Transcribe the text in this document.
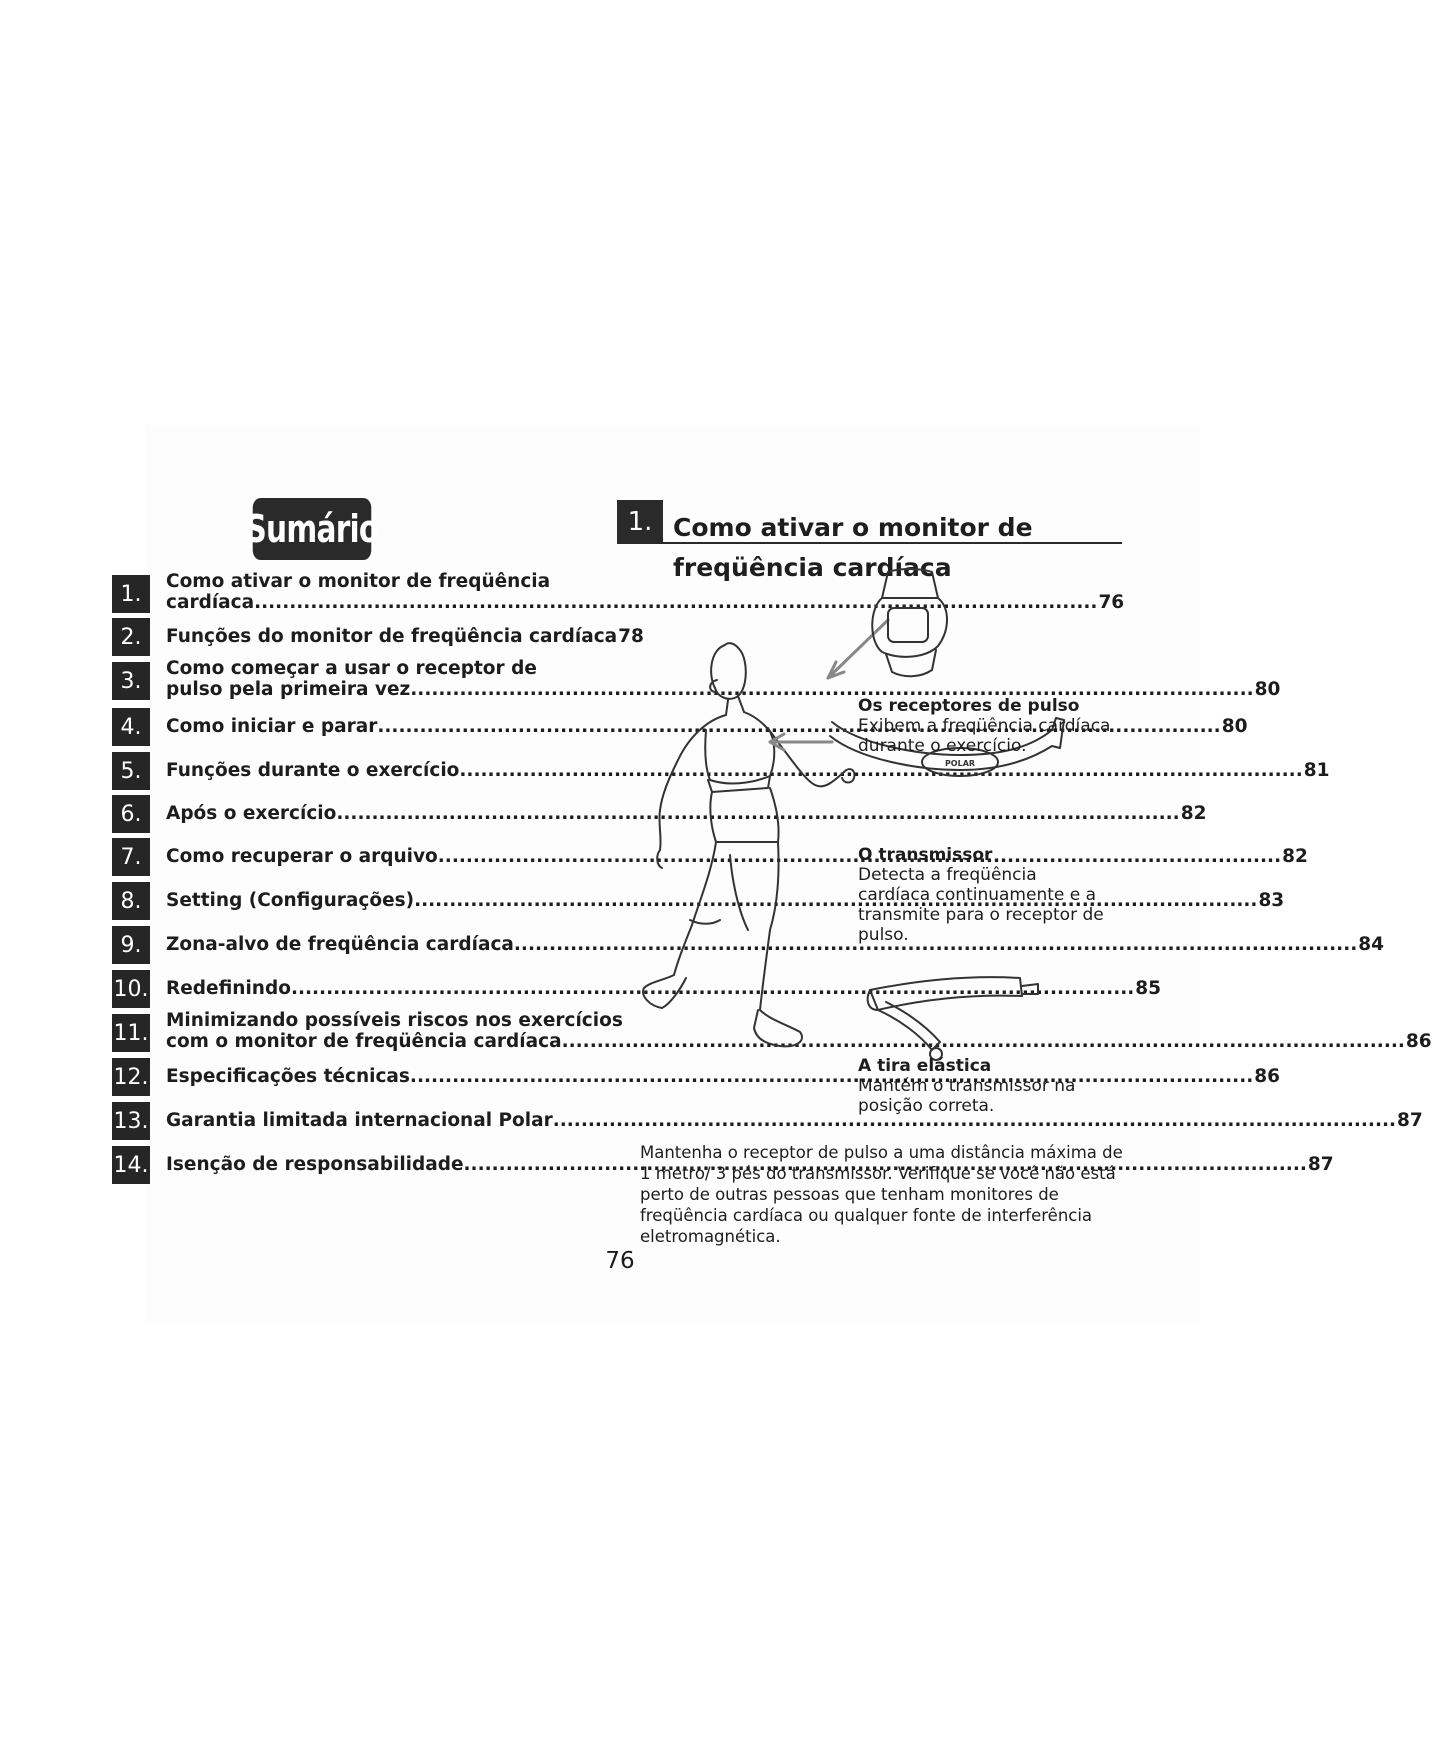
Sumário
1.	Como ativar o monitor de freqüência
cardíaca .....	76
2.	Funções do monitor de freqüência cardíaca 78
3.	Como começar a usar o receptor de
pulso pela primeira vez .....	80
4.	Como iniciar e parar .....	80
5.	Funções durante o exercício .....	81
6.	Após o exercício .....	82
7.	Como recuperar o arquivo .....	82
8.	Setting (Configurações) .....	83
9.	Zona-alvo de freqüência cardíaca .....	84
10. Redefinindo .....	85
11. Minimizando possíveis riscos nos exercícios
com o monitor de freqüência cardíaca .....	86
12. Especificações técnicas .....	86
13. Garantia limitada internacional Polar .....	87
14. Isenção de responsabilidade .....	87
1. Como ativar o monitor de freqüência cardíaca
POLAR
Os receptores de pulso
Exibem a freqüência cardíaca durante o exercício.
O transmissor
Detecta a freqüência cardíaca continuamente e a transmite para o receptor de pulso.
A tira elástica
Mantém o transmissor na posição correta.
Mantenha o receptor de pulso a uma distância máxima de 1 metro/ 3 pés do transmissor. Verifique se você não está perto de outras pessoas que tenham monitores de freqüência cardíaca ou qualquer fonte de interferência eletromagnética.
76
